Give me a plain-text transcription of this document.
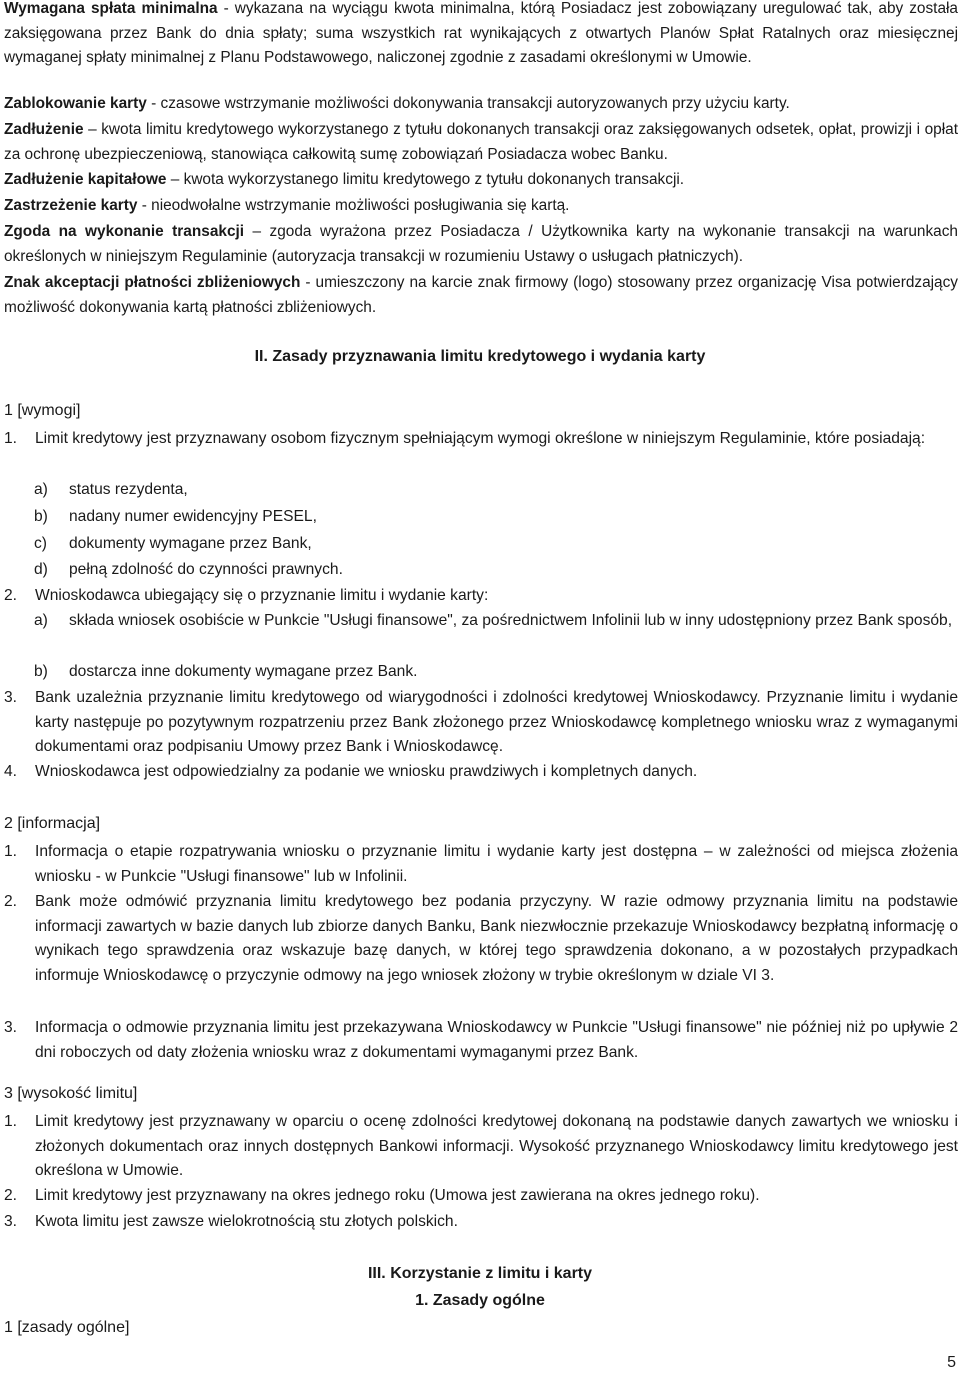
Wymagana spłata minimalna - wykazana na wyciągu kwota minimalna, którą Posiadacz jest zobowiązany uregulować tak, aby została zaksięgowana przez Bank do dnia spłaty; suma wszystkich rat wynikających z otwartych Planów Spłat Ratalnych oraz miesięcznej wymaganej spłaty minimalnej z Planu Podstawowego, naliczonej zgodnie z zasadami określonymi w Umowie.
Zablokowanie karty - czasowe wstrzymanie możliwości dokonywania transakcji autoryzowanych przy użyciu karty.
Zadłużenie – kwota limitu kredytowego wykorzystanego z tytułu dokonanych transakcji oraz zaksięgowanych odsetek, opłat, prowizji i opłat za ochronę ubezpieczeniową, stanowiąca całkowitą sumę zobowiązań Posiadacza wobec Banku.
Zadłużenie kapitałowe – kwota wykorzystanego limitu kredytowego z tytułu dokonanych transakcji.
Zastrzeżenie karty - nieodwołalne wstrzymanie możliwości posługiwania się kartą.
Zgoda na wykonanie transakcji – zgoda wyrażona przez Posiadacza / Użytkownika karty na wykonanie transakcji na warunkach określonych w niniejszym Regulaminie (autoryzacja transakcji w rozumieniu Ustawy o usługach płatniczych).
Znak akceptacji płatności zbliżeniowych - umieszczony na karcie znak firmowy (logo) stosowany przez organizację Visa potwierdzający możliwość dokonywania kartą płatności zbliżeniowych.
II. Zasady przyznawania limitu kredytowego i wydania karty
1 [wymogi]
1. Limit kredytowy jest przyznawany osobom fizycznym spełniającym wymogi określone w niniejszym Regulaminie, które posiadają:
a) status rezydenta,
b) nadany numer ewidencyjny PESEL,
c) dokumenty wymagane przez Bank,
d) pełną zdolność do czynności prawnych.
2. Wnioskodawca ubiegający się o przyznanie limitu i wydanie karty:
a) składa wniosek osobiście w Punkcie "Usługi finansowe", za pośrednictwem Infolinii lub w inny udostępniony przez Bank sposób,
b) dostarcza inne dokumenty wymagane przez Bank.
3. Bank uzależnia przyznanie limitu kredytowego od wiarygodności i zdolności kredytowej Wnioskodawcy. Przyznanie limitu i wydanie karty następuje po pozytywnym rozpatrzeniu przez Bank złożonego przez Wnioskodawcę kompletnego wniosku wraz z wymaganymi dokumentami oraz podpisaniu Umowy przez Bank i Wnioskodawcę.
4. Wnioskodawca jest odpowiedzialny za podanie we wniosku prawdziwych i kompletnych danych.
2 [informacja]
1. Informacja o etapie rozpatrywania wniosku o przyznanie limitu i wydanie karty jest dostępna – w zależności od miejsca złożenia wniosku - w Punkcie "Usługi finansowe" lub w Infolinii.
2. Bank może odmówić przyznania limitu kredytowego bez podania przyczyny. W razie odmowy przyznania limitu na podstawie informacji zawartych w bazie danych lub zbiorze danych Banku, Bank niezwłocznie przekazuje Wnioskodawcy bezpłatną informację o wynikach tego sprawdzenia oraz wskazuje bazę danych, w której tego sprawdzenia dokonano, a w pozostałych przypadkach informuje Wnioskodawcę o przyczynie odmowy na jego wniosek złożony w trybie określonym w dziale VI 3.
3. Informacja o odmowie przyznania limitu jest przekazywana Wnioskodawcy w Punkcie "Usługi finansowe" nie później niż po upływie 2 dni roboczych od daty złożenia wniosku wraz z dokumentami wymaganymi przez Bank.
3 [wysokość limitu]
1. Limit kredytowy jest przyznawany w oparciu o ocenę zdolności kredytowej dokonaną na podstawie danych zawartych we wniosku i złożonych dokumentach oraz innych dostępnych Bankowi informacji. Wysokość przyznanego Wnioskodawcy limitu kredytowego jest określona w Umowie.
2. Limit kredytowy jest przyznawany na okres jednego roku (Umowa jest zawierana na okres jednego roku).
3. Kwota limitu jest zawsze wielokrotnością stu złotych polskich.
III. Korzystanie z limitu i karty
1. Zasady ogólne
1 [zasady ogólne]
5
